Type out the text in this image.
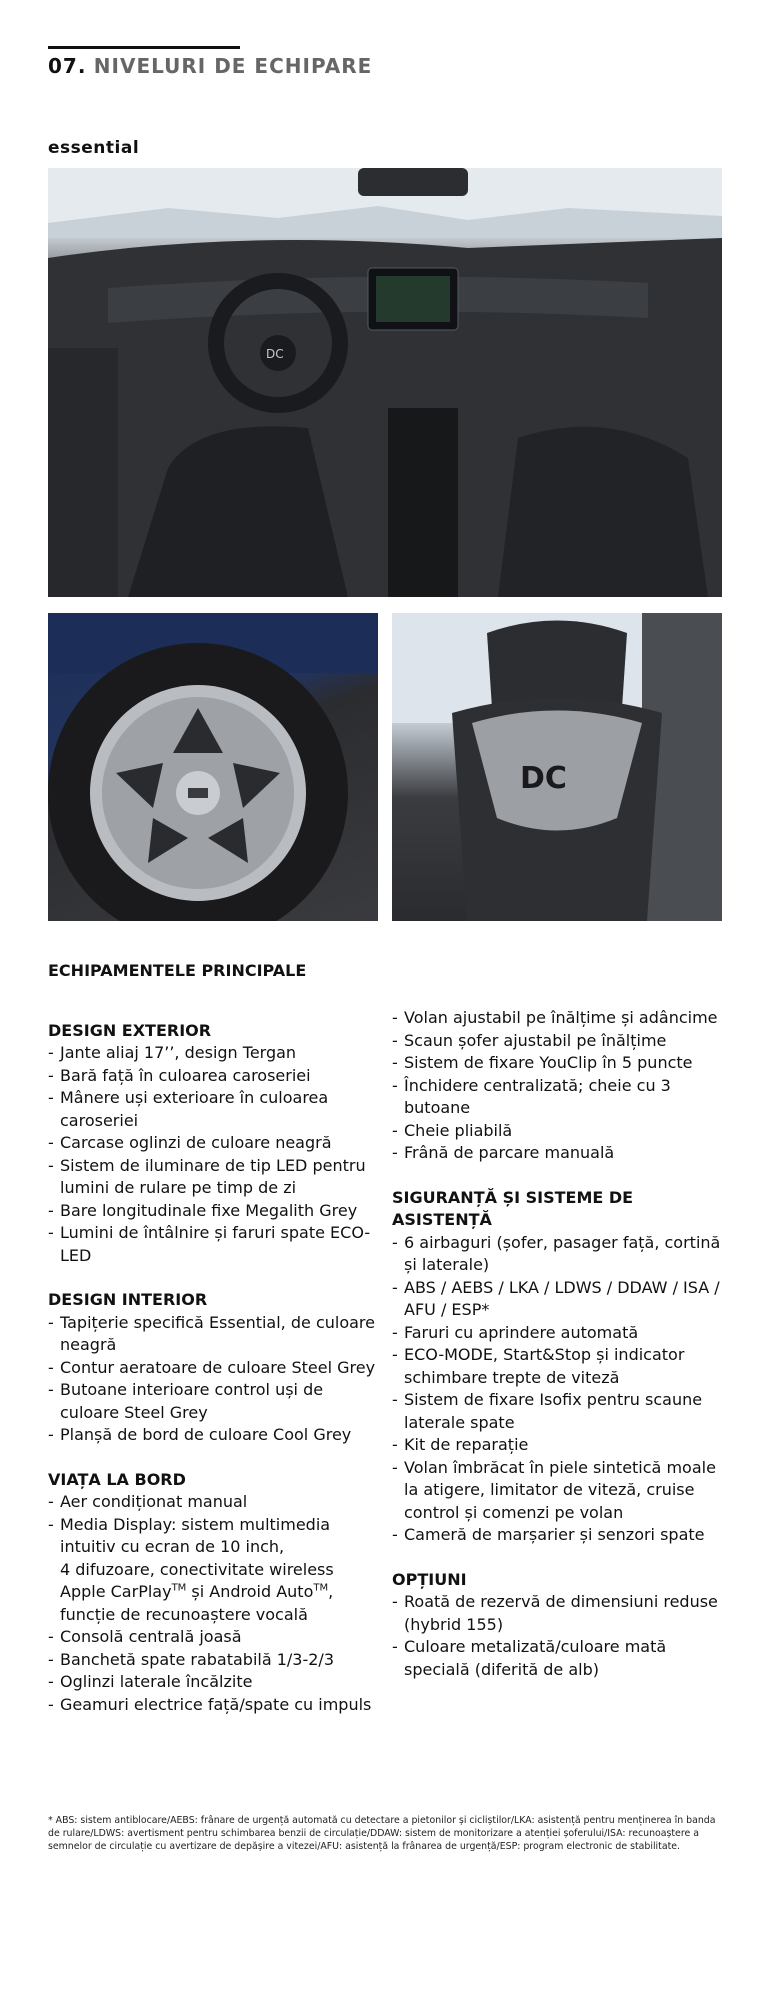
07. NIVELURI DE ECHIPARE
essential
DC
DC
ECHIPAMENTELE PRINCIPALE
DESIGN EXTERIOR
- Jante aliaj 17’’, design Tergan
- Bară față în culoarea caroseriei
- Mânere uși exterioare în culoarea caroseriei
- Carcase oglinzi de culoare neagră
- Sistem de iluminare de tip LED pentru lumini de rulare pe timp de zi
- Bare longitudinale fixe Megalith Grey
- Lumini de întâlnire și faruri spate ECO-LED
DESIGN INTERIOR
- Tapițerie specifică Essential, de culoare neagră
- Contur aeratoare de culoare Steel Grey
- Butoane interioare control uși de culoare Steel Grey
- Planșă de bord de culoare Cool Grey
VIAȚA LA BORD
- Aer condiționat manual
- Media Display: sistem multimedia intuitiv cu ecran de 10 inch,
4 difuzoare, conectivitate wireless
Apple CarPlay™ și Android Auto™,
funcție de recunoaștere vocală
- Consolă centrală joasă
- Banchetă spate rabatabilă 1/3-2/3
- Oglinzi laterale încălzite
- Geamuri electrice față/spate cu impuls
- Volan ajustabil pe înălțime și adâncime
- Scaun șofer ajustabil pe înălțime
- Sistem de fixare YouClip în 5 puncte
- Închidere centralizată; cheie cu 3 butoane
- Cheie pliabilă
- Frână de parcare manuală
SIGURANȚĂ ȘI SISTEME DE ASISTENȚĂ
- 6 airbaguri (șofer, pasager față, cortină și laterale)
- ABS / AEBS / LKA / LDWS / DDAW / ISA / AFU / ESP*
- Faruri cu aprindere automată
- ECO-MODE, Start&Stop și indicator schimbare trepte de viteză
- Sistem de fixare Isofix pentru scaune laterale spate
- Kit de reparație
- Volan îmbrăcat în piele sintetică moale la atigere, limitator de viteză, cruise control și comenzi pe volan
- Cameră de marșarier și senzori spate
OPȚIUNI
- Roată de rezervă de dimensiuni reduse (hybrid 155)
- Culoare metalizată/culoare mată specială (diferită de alb)
* ABS: sistem antiblocare/AEBS: frânare de urgență automată cu detectare a pietonilor și cicliștilor/LKA: asistență pentru menținerea în banda de rulare/LDWS: avertisment pentru schimbarea benzii de circulație/DDAW: sistem de monitorizare a atenției șoferului/ISA: recunoaștere a semnelor de circulație cu avertizare de depășire a vitezei/AFU: asistență la frânarea de urgență/ESP: program electronic de stabilitate.
